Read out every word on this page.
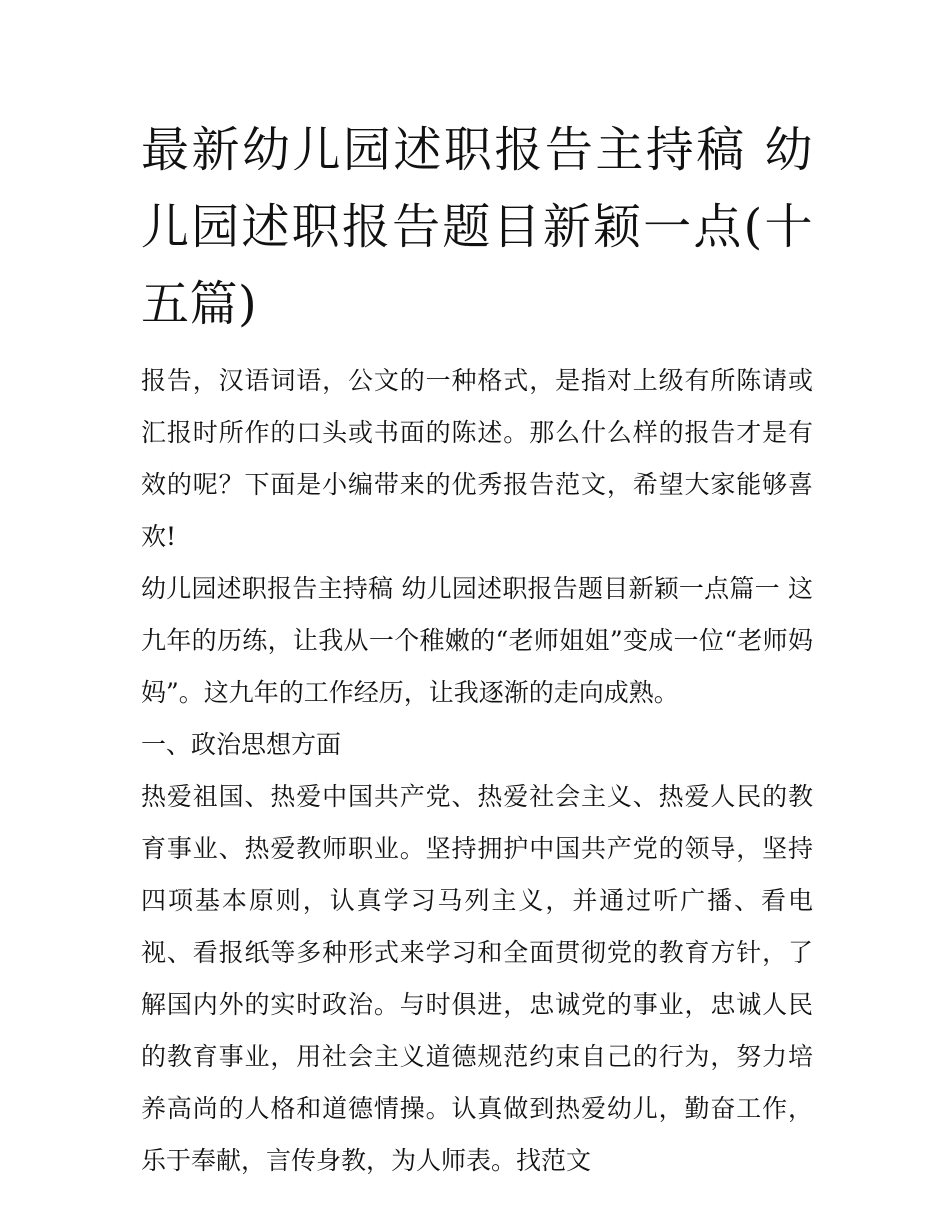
最新幼儿园述职报告主持稿 幼儿园述职报告题目新颖一点(十五篇)

报告，汉语词语，公文的一种格式，是指对上级有所陈请或汇报时所作的口头或书面的陈述。那么什么样的报告才是有效的呢？下面是小编带来的优秀报告范文，希望大家能够喜欢!

幼儿园述职报告主持稿 幼儿园述职报告题目新颖一点篇一 这九年的历练，让我从一个稚嫩的“老师姐姐”变成一位“老师妈妈”。这九年的工作经历，让我逐渐的走向成熟。

一、政治思想方面

热爱祖国、热爱中国共产党、热爱社会主义、热爱人民的教育事业、热爱教师职业。坚持拥护中国共产党的领导，坚持四项基本原则，认真学习马列主义，并通过听广播、看电视、看报纸等多种形式来学习和全面贯彻党的教育方针，了解国内外的实时政治。与时俱进，忠诚党的事业，忠诚人民的教育事业，用社会主义道德规范约束自己的行为，努力培养高尚的人格和道德情操。认真做到热爱幼儿，勤奋工作，乐于奉献，言传身教，为人师表。找范文
